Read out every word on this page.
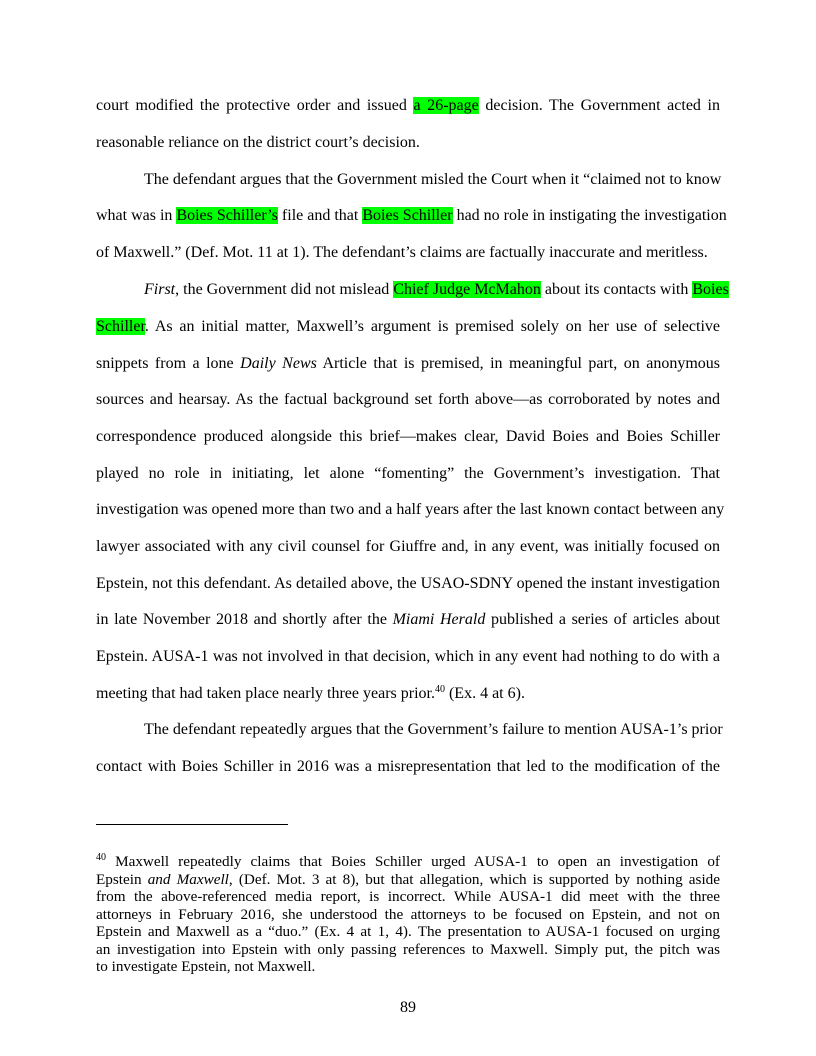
court modified the protective order and issued a 26-page decision. The Government acted in
reasonable reliance on the district court’s decision.
The defendant argues that the Government misled the Court when it “claimed not to know
what was in Boies Schiller’s file and that Boies Schiller had no role in instigating the investigation
of Maxwell.” (Def. Mot. 11 at 1). The defendant’s claims are factually inaccurate and meritless.
First, the Government did not mislead Chief Judge McMahon about its contacts with Boies
Schiller. As an initial matter, Maxwell’s argument is premised solely on her use of selective
snippets from a lone Daily News Article that is premised, in meaningful part, on anonymous
sources and hearsay. As the factual background set forth above—as corroborated by notes and
correspondence produced alongside this brief—makes clear, David Boies and Boies Schiller
played no role in initiating, let alone “fomenting” the Government’s investigation. That
investigation was opened more than two and a half years after the last known contact between any
lawyer associated with any civil counsel for Giuffre and, in any event, was initially focused on
Epstein, not this defendant. As detailed above, the USAO-SDNY opened the instant investigation
in late November 2018 and shortly after the Miami Herald published a series of articles about
Epstein. AUSA-1 was not involved in that decision, which in any event had nothing to do with a
meeting that had taken place nearly three years prior.$^{40}$ (Ex. 4 at 6).
The defendant repeatedly argues that the Government’s failure to mention AUSA-1’s prior
contact with Boies Schiller in 2016 was a misrepresentation that led to the modification of the
$^{40}$ Maxwell repeatedly claims that Boies Schiller urged AUSA-1 to open an investigation of
Epstein and Maxwell, (Def. Mot. 3 at 8), but that allegation, which is supported by nothing aside
from the above-referenced media report, is incorrect. While AUSA-1 did meet with the three
attorneys in February 2016, she understood the attorneys to be focused on Epstein, and not on
Epstein and Maxwell as a “duo.” (Ex. 4 at 1, 4). The presentation to AUSA-1 focused on urging
an investigation into Epstein with only passing references to Maxwell. Simply put, the pitch was
to investigate Epstein, not Maxwell.
89
